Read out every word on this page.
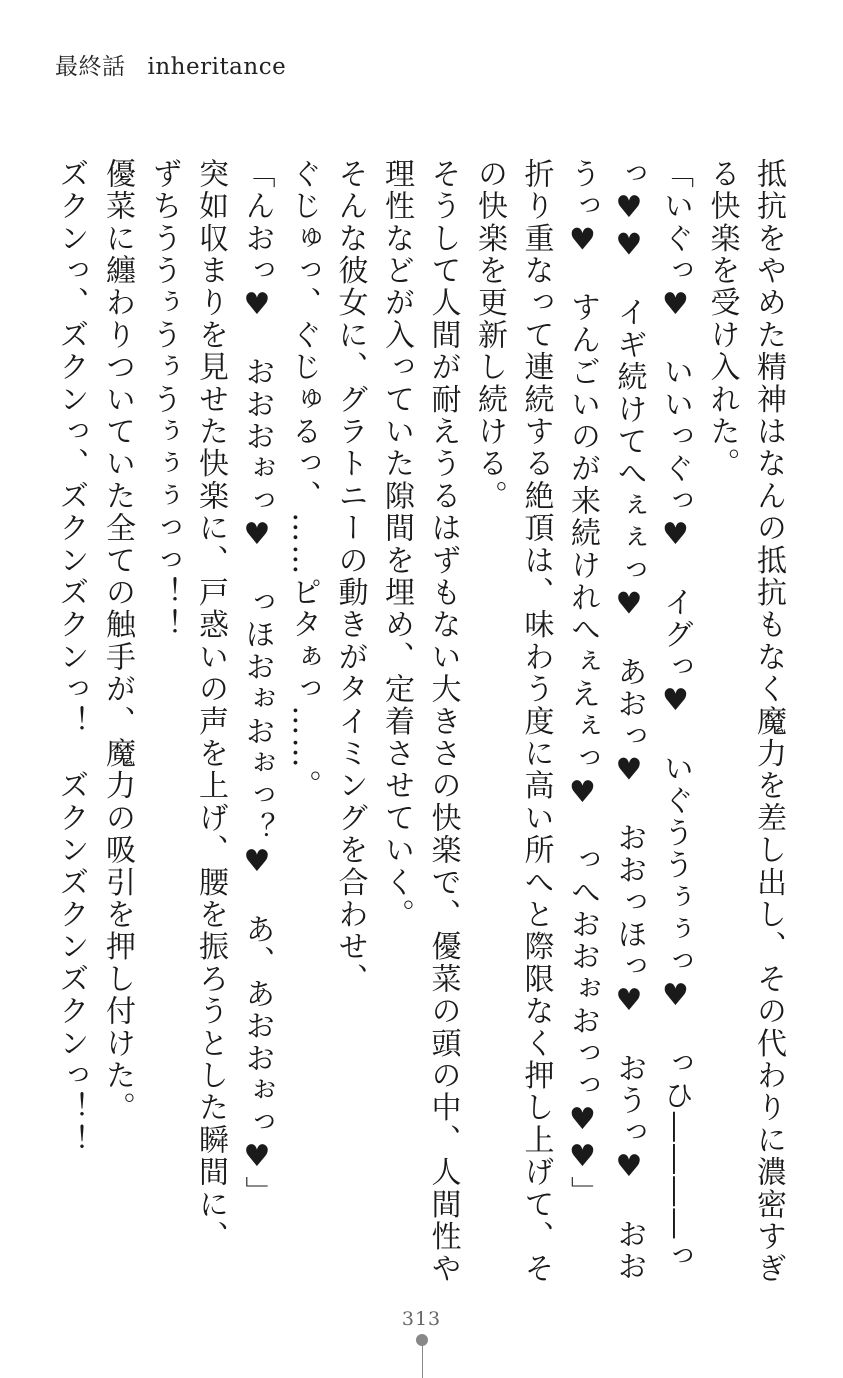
最終話 inheritance

抵抗をやめた精神はなんの抵抗もなく魔力を差し出し、その代わりに濃密すぎる快楽を受け入れた。

「いぐっ♥　いいっぐっ♥　イグっ♥　いぐううぅぅっ♥　っひ――――っっ♥♥　イギ続けてへぇぇっ♥　あおっ♥　おおっほっ♥　おうっ♥　おおうっ♥　すんごいのが来続けれへぇえぇっ♥　っへおおぉおっっ♥♥」

折り重なって連続する絶頂は、味わう度に高い所へと際限なく押し上げて、その快楽を更新し続ける。

そうして人間が耐えうるはずもない大きさの快楽で、優菜の頭の中、人間性や理性などが入っていた隙間を埋め、定着させていく。

そんな彼女に、グラトニーの動きがタイミングを合わせ、

ぐじゅっ、ぐじゅるっ、……ピタぁっ……。

「んおっ♥　おおおぉっ♥　っほおぉおぉっ？♥　あ、あおおぉっ♥」

突如収まりを見せた快楽に、戸惑いの声を上げ、腰を振ろうとした瞬間に、

ずちううぅうぅうぅぅぅっっ！！

優菜に纏わりついていた全ての触手が、魔力の吸引を押し付けた。

ズクンっ、ズクンっ、ズクンズクンっ！　ズクンズクンズクンっ！！

313
